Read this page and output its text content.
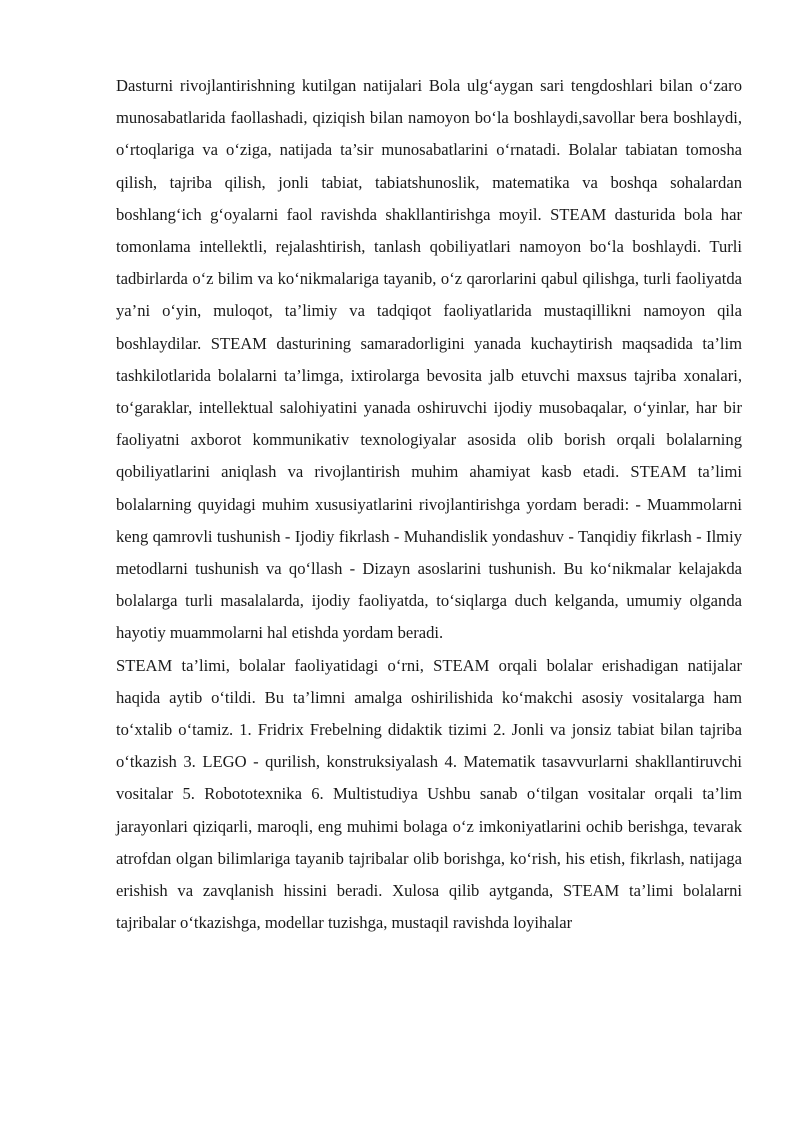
Dasturni rivojlantirishning kutilgan natijalari Bola ulg‘aygan sari tengdoshlari bilan o‘zaro munosabatlarida faollashadi, qiziqish bilan namoyon bo‘la boshlaydi,savollar bera boshlaydi, o‘rtoqlariga va o‘ziga, natijada ta’sir munosabatlarini o‘rnatadi. Bolalar tabiatan tomosha qilish, tajriba qilish, jonli tabiat, tabiatshunoslik, matematika va boshqa sohalardan boshlang‘ich g‘oyalarni faol ravishda shakllantirishga moyil. STEAM dasturida bola har tomonlama intellektli, rejalashtirish, tanlash qobiliyatlari namoyon bo‘la boshlaydi. Turli tadbirlarda o‘z bilim va ko‘nikmalariga tayanib, o‘z qarorlarini qabul qilishga, turli faoliyatda ya’ni o‘yin, muloqot, ta’limiy va tadqiqot faoliyatlarida mustaqillikni namoyon qila boshlaydilar. STEAM dasturining samaradorligini yanada kuchaytirish maqsadida ta’lim tashkilotlarida bolalarni ta’limga, ixtirolarga bevosita jalb etuvchi maxsus tajriba xonalari, to‘garaklar, intellektual salohiyatini yanada oshiruvchi ijodiy musobaqalar, o‘yinlar, har bir faoliyatni axborot kommunikativ texnologiyalar asosida olib borish orqali bolalarning qobiliyatlarini aniqlash va rivojlantirish muhim ahamiyat kasb etadi. STEAM ta’limi bolalarning quyidagi muhim xususiyatlarini rivojlantirishga yordam beradi: - Muammolarni keng qamrovli tushunish - Ijodiy fikrlash - Muhandislik yondashuv - Tanqidiy fikrlash - Ilmiy metodlarni tushunish va qo‘llash - Dizayn asoslarini tushunish. Bu ko‘nikmalar kelajakda bolalarga turli masalalarda, ijodiy faoliyatda, to‘siqlarga duch kelganda, umumiy olganda hayotiy muammolarni hal etishda yordam beradi.

STEAM ta’limi, bolalar faoliyatidagi o‘rni, STEAM orqali bolalar erishadigan natijalar haqida aytib o‘tildi. Bu ta’limni amalga oshirilishida ko‘makchi asosiy vositalarga ham to‘xtalib o‘tamiz. 1. Fridrix Frebelning didaktik tizimi 2. Jonli va jonsiz tabiat bilan tajriba o‘tkazish 3. LEGO - qurilish, konstruksiyalash 4. Matematik tasavvurlarni shakllantiruvchi vositalar 5. Robototexnika 6. Multistudiya Ushbu sanab o‘tilgan vositalar orqali ta’lim jarayonlari qiziqarli, maroqli, eng muhimi bolaga o‘z imkoniyatlarini ochib berishga, tevarak atrofdan olgan bilimlariga tayanib tajribalar olib borishga, ko‘rish, his etish, fikrlash, natijaga erishish va zavqlanish hissini beradi. Xulosa qilib aytganda, STEAM ta’limi bolalarni tajribalar o‘tkazishga, modellar tuzishga, mustaqil ravishda loyihalar
